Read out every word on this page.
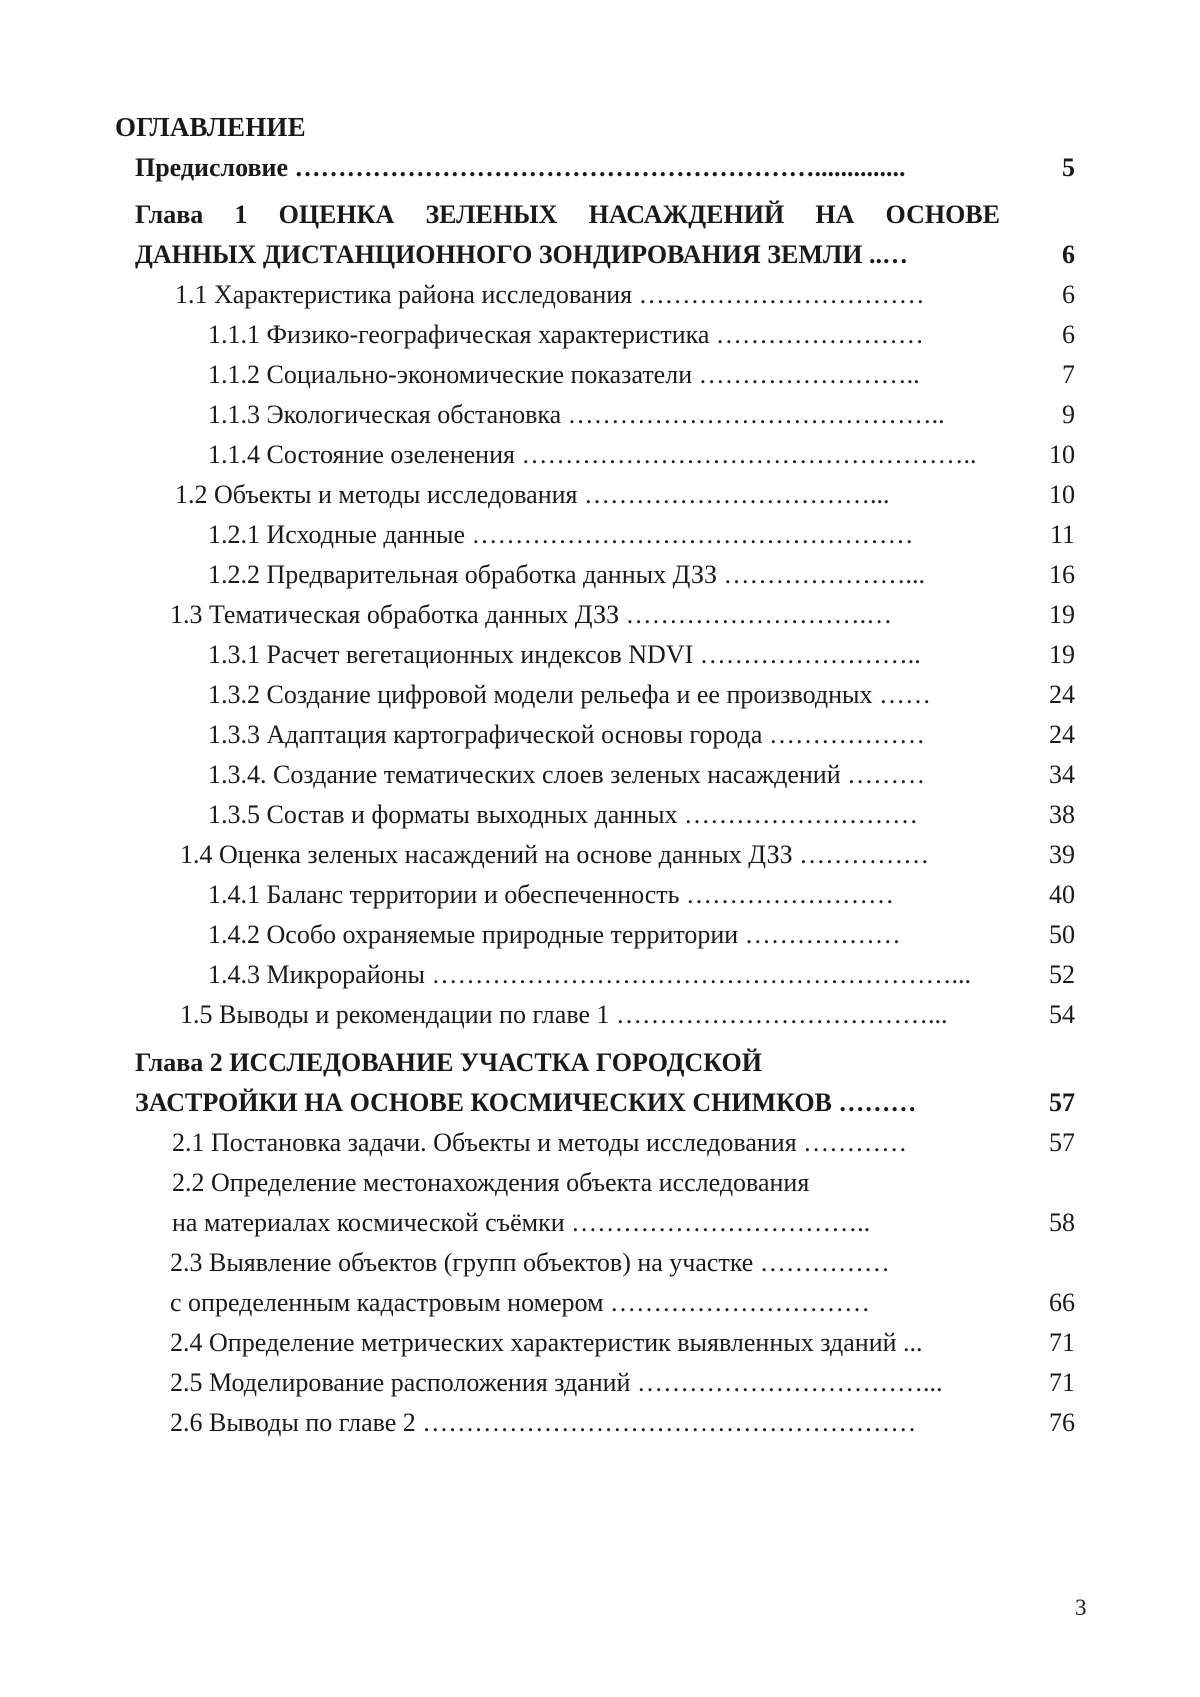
ОГЛАВЛЕНИЕ
Предисловие ……………………………………………………..............	5
Глава 1 ОЦЕНКА ЗЕЛЕНЫХ НАСАЖДЕНИЙ НА ОСНОВЕ
ДАННЫХ ДИСТАНЦИОННОГО ЗОНДИРОВАНИЯ ЗЕМЛИ ..…	6
1.1 Характеристика района исследования ……………………………	6
1.1.1 Физико-географическая характеристика ……………………	6
1.1.2 Социально-экономические показатели ……………………..	7
1.1.3 Экологическая обстановка ……………………………………..	9
1.1.4 Состояние озеленения ……………………………………………..	10
1.2 Объекты и методы исследования ……………………………...	10
1.2.1 Исходные данные ……………………………………………	11
1.2.2 Предварительная обработка данных ДЗЗ …………………...	16
1.3 Тематическая обработка данных ДЗЗ ……………………….…	19
1.3.1 Расчет вегетационных индексов NDVI ……………………..	19
1.3.2 Создание цифровой модели рельефа и ее производных ……	24
1.3.3 Адаптация картографической основы города ………………	24
1.3.4. Создание тематических слоев зеленых насаждений ………	34
1.3.5 Состав и форматы выходных данных ………………………	38
1.4 Оценка зеленых насаждений на основе данных ДЗЗ ……………	39
1.4.1 Баланс территории и обеспеченность ……………………	40
1.4.2 Особо охраняемые природные территории ………………	50
1.4.3 Микрорайоны ……………………………………………………...	52
1.5 Выводы и рекомендации по главе 1 ………………………………...	54
Глава 2 ИССЛЕДОВАНИЕ УЧАСТКА ГОРОДСКОЙ
ЗАСТРОЙКИ НА ОСНОВЕ КОСМИЧЕСКИХ СНИМКОВ ………	57
2.1 Постановка задачи. Объекты и методы исследования …………	57
2.2 Определение местонахождения объекта исследования
на материалах космической съёмки ……………………………..	58
2.3 Выявление объектов (групп объектов) на участке ……………
с определенным кадастровым номером …………………………	66
2.4 Определение метрических характеристик выявленных зданий ...	71
2.5 Моделирование расположения зданий ……………………………...	71
2.6 Выводы по главе 2 …………………………………………………	76
3
